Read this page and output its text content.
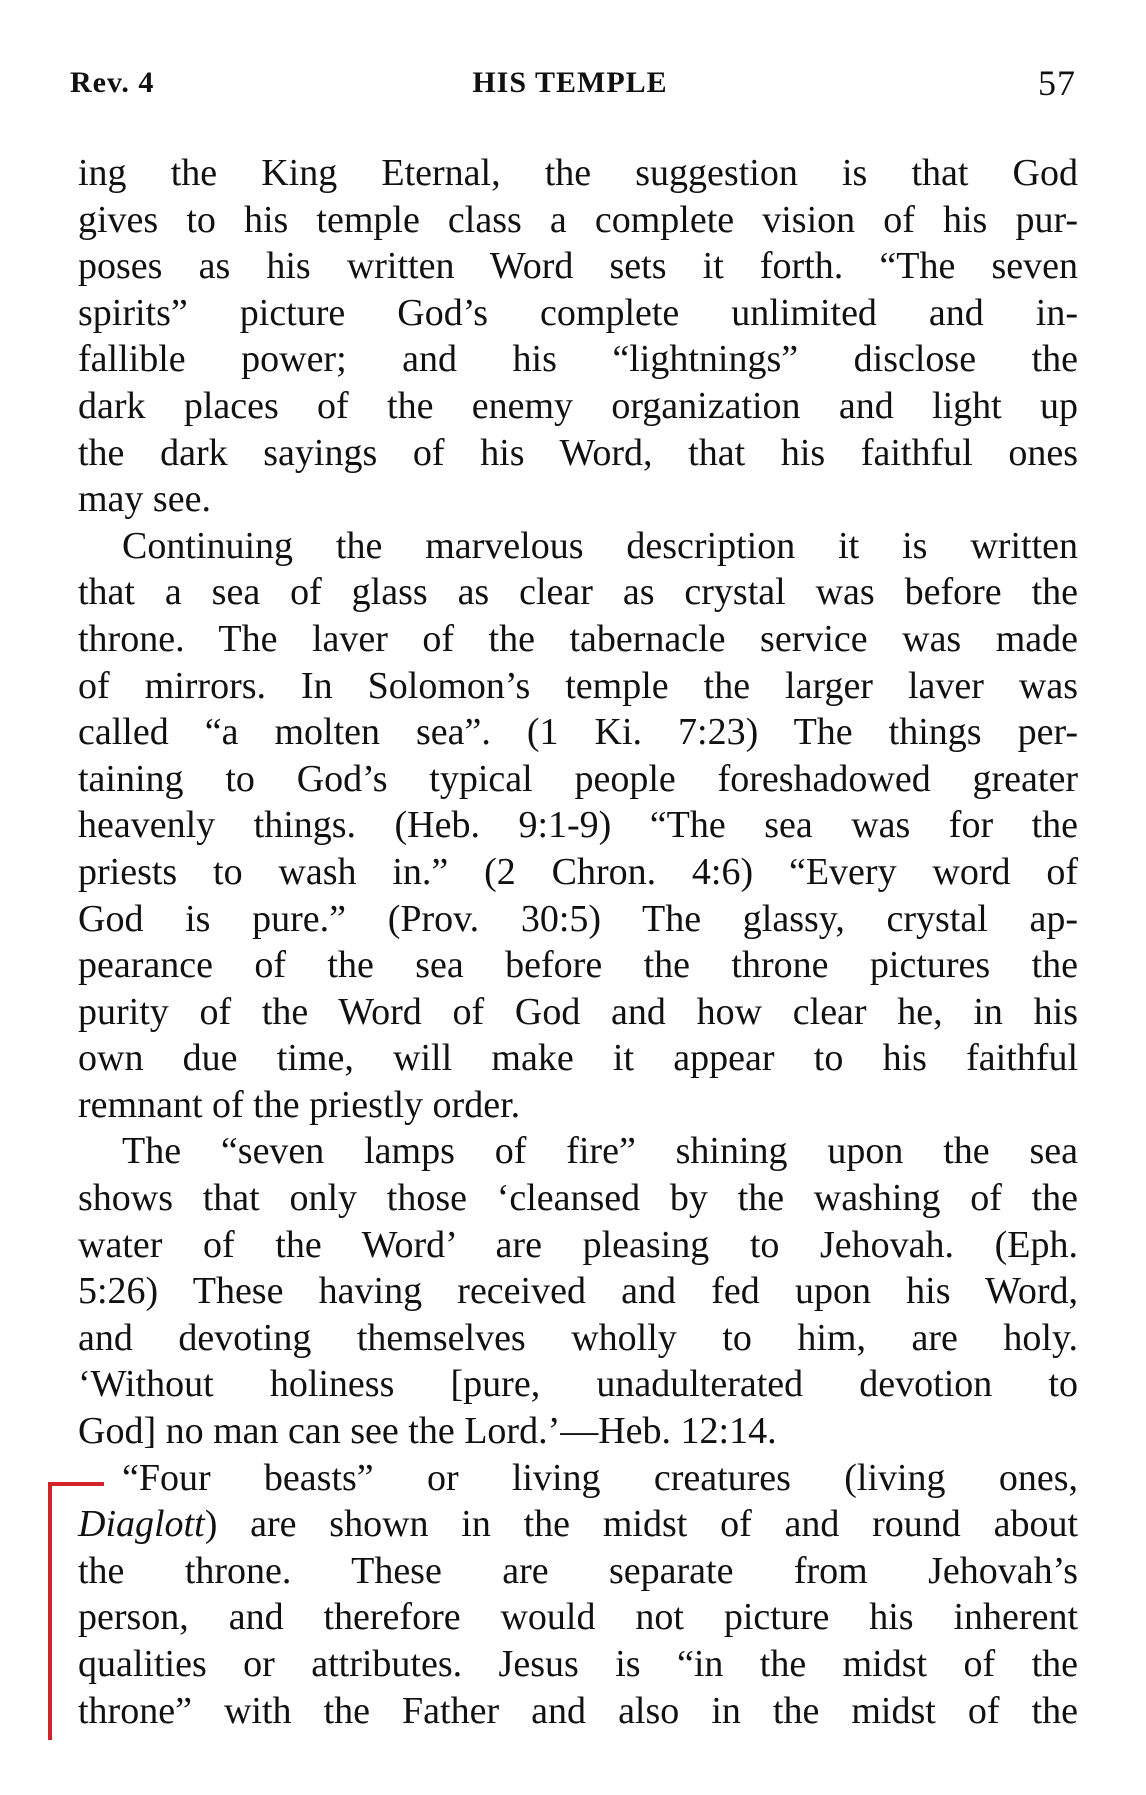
Rev. 4	HIS TEMPLE	57

ing the King Eternal, the suggestion is that God
gives to his temple class a complete vision of his pur-
poses as his written Word sets it forth. “The seven
spirits” picture God’s complete unlimited and in-
fallible power; and his “lightnings” disclose the
dark places of the enemy organization and light up
the dark sayings of his Word, that his faithful ones
may see.

Continuing the marvelous description it is written
that a sea of glass as clear as crystal was before the
throne. The laver of the tabernacle service was made
of mirrors. In Solomon’s temple the larger laver was
called “a molten sea”. (1 Ki. 7:23) The things per-
taining to God’s typical people foreshadowed greater
heavenly things. (Heb. 9:1-9) “The sea was for the
priests to wash in.” (2 Chron. 4:6) “Every word of
God is pure.” (Prov. 30:5) The glassy, crystal ap-
pearance of the sea before the throne pictures the
purity of the Word of God and how clear he, in his
own due time, will make it appear to his faithful
remnant of the priestly order.

The “seven lamps of fire” shining upon the sea
shows that only those ‘cleansed by the washing of the
water of the Word’ are pleasing to Jehovah. (Eph.
5:26) These having received and fed upon his Word,
and devoting themselves wholly to him, are holy.
‘Without holiness [pure, unadulterated devotion to
God] no man can see the Lord.’—Heb. 12:14.

“Four beasts” or living creatures (living ones,
Diaglott) are shown in the midst of and round about
the throne. These are separate from Jehovah’s
person, and therefore would not picture his inherent
qualities or attributes. Jesus is “in the midst of the
throne” with the Father and also in the midst of the
